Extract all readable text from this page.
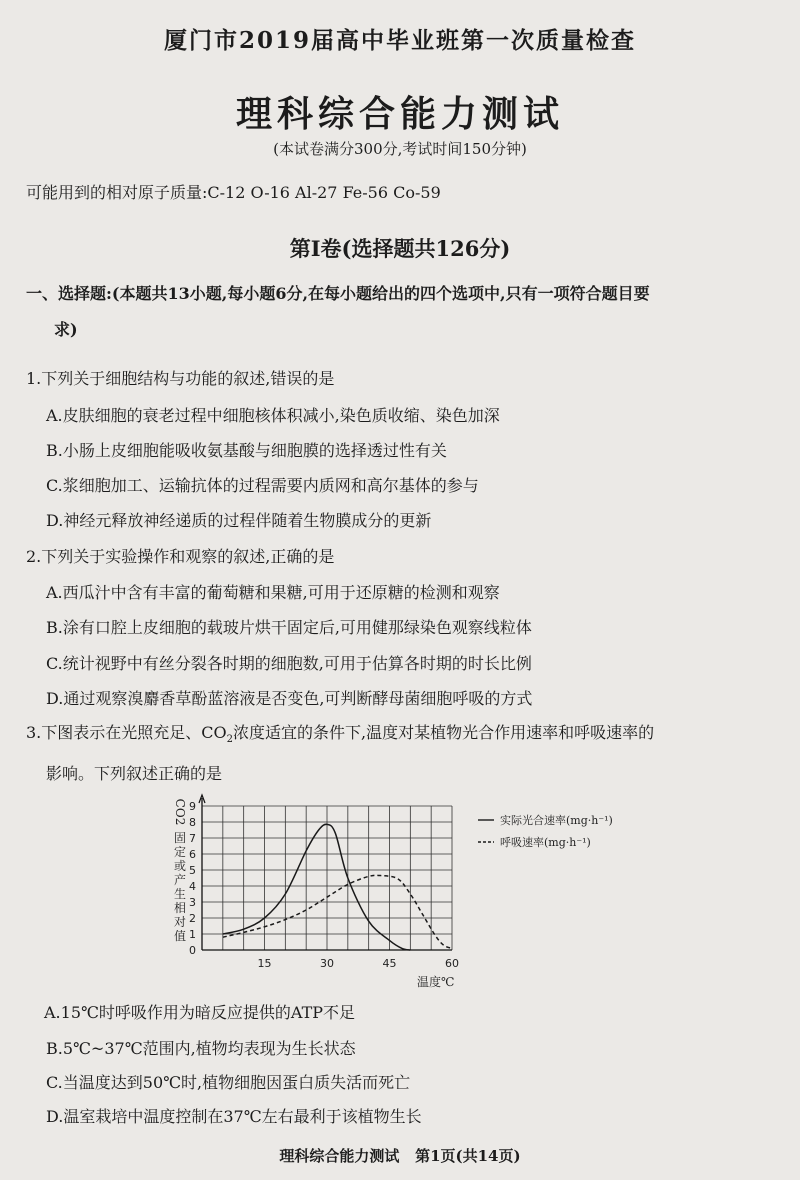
厦门市2019届高中毕业班第一次质量检查
理科综合能力测试
(本试卷满分300分,考试时间150分钟)
可能用到的相对原子质量:C-12 O-16 Al-27 Fe-56 Co-59
第Ⅰ卷(选择题共126分)
一、选择题:(本题共13小题,每小题6分,在每小题给出的四个选项中,只有一项符合题目要
求)
1.下列关于细胞结构与功能的叙述,错误的是
A.皮肤细胞的衰老过程中细胞核体积减小,染色质收缩、染色加深
B.小肠上皮细胞能吸收氨基酸与细胞膜的选择透过性有关
C.浆细胞加工、运输抗体的过程需要内质网和高尔基体的参与
D.神经元释放神经递质的过程伴随着生物膜成分的更新
2.下列关于实验操作和观察的叙述,正确的是
A.西瓜汁中含有丰富的葡萄糖和果糖,可用于还原糖的检测和观察
B.涂有口腔上皮细胞的载玻片烘干固定后,可用健那绿染色观察线粒体
C.统计视野中有丝分裂各时期的细胞数,可用于估算各时期的时长比例
D.通过观察溴麝香草酚蓝溶液是否变色,可判断酵母菌细胞呼吸的方式
3.下图表示在光照充足、$CO_2$浓度适宜的条件下,温度对某植物光合作用速率和呼吸速率的
影响。下列叙述正确的是
0
1
2
3
4
5
6
7
8
9
15	30	45	60
CO2
固
定
或
产
生
相
对
值
温度℃
实际光合速率(mg·h⁻¹)
呼吸速率(mg·h⁻¹)
A.15℃时呼吸作用为暗反应提供的ATP不足
B.5℃~37℃范围内,植物均表现为生长状态
C.当温度达到50℃时,植物细胞因蛋白质失活而死亡
D.温室栽培中温度控制在37℃左右最利于该植物生长
理科综合能力测试 第1页(共14页)
